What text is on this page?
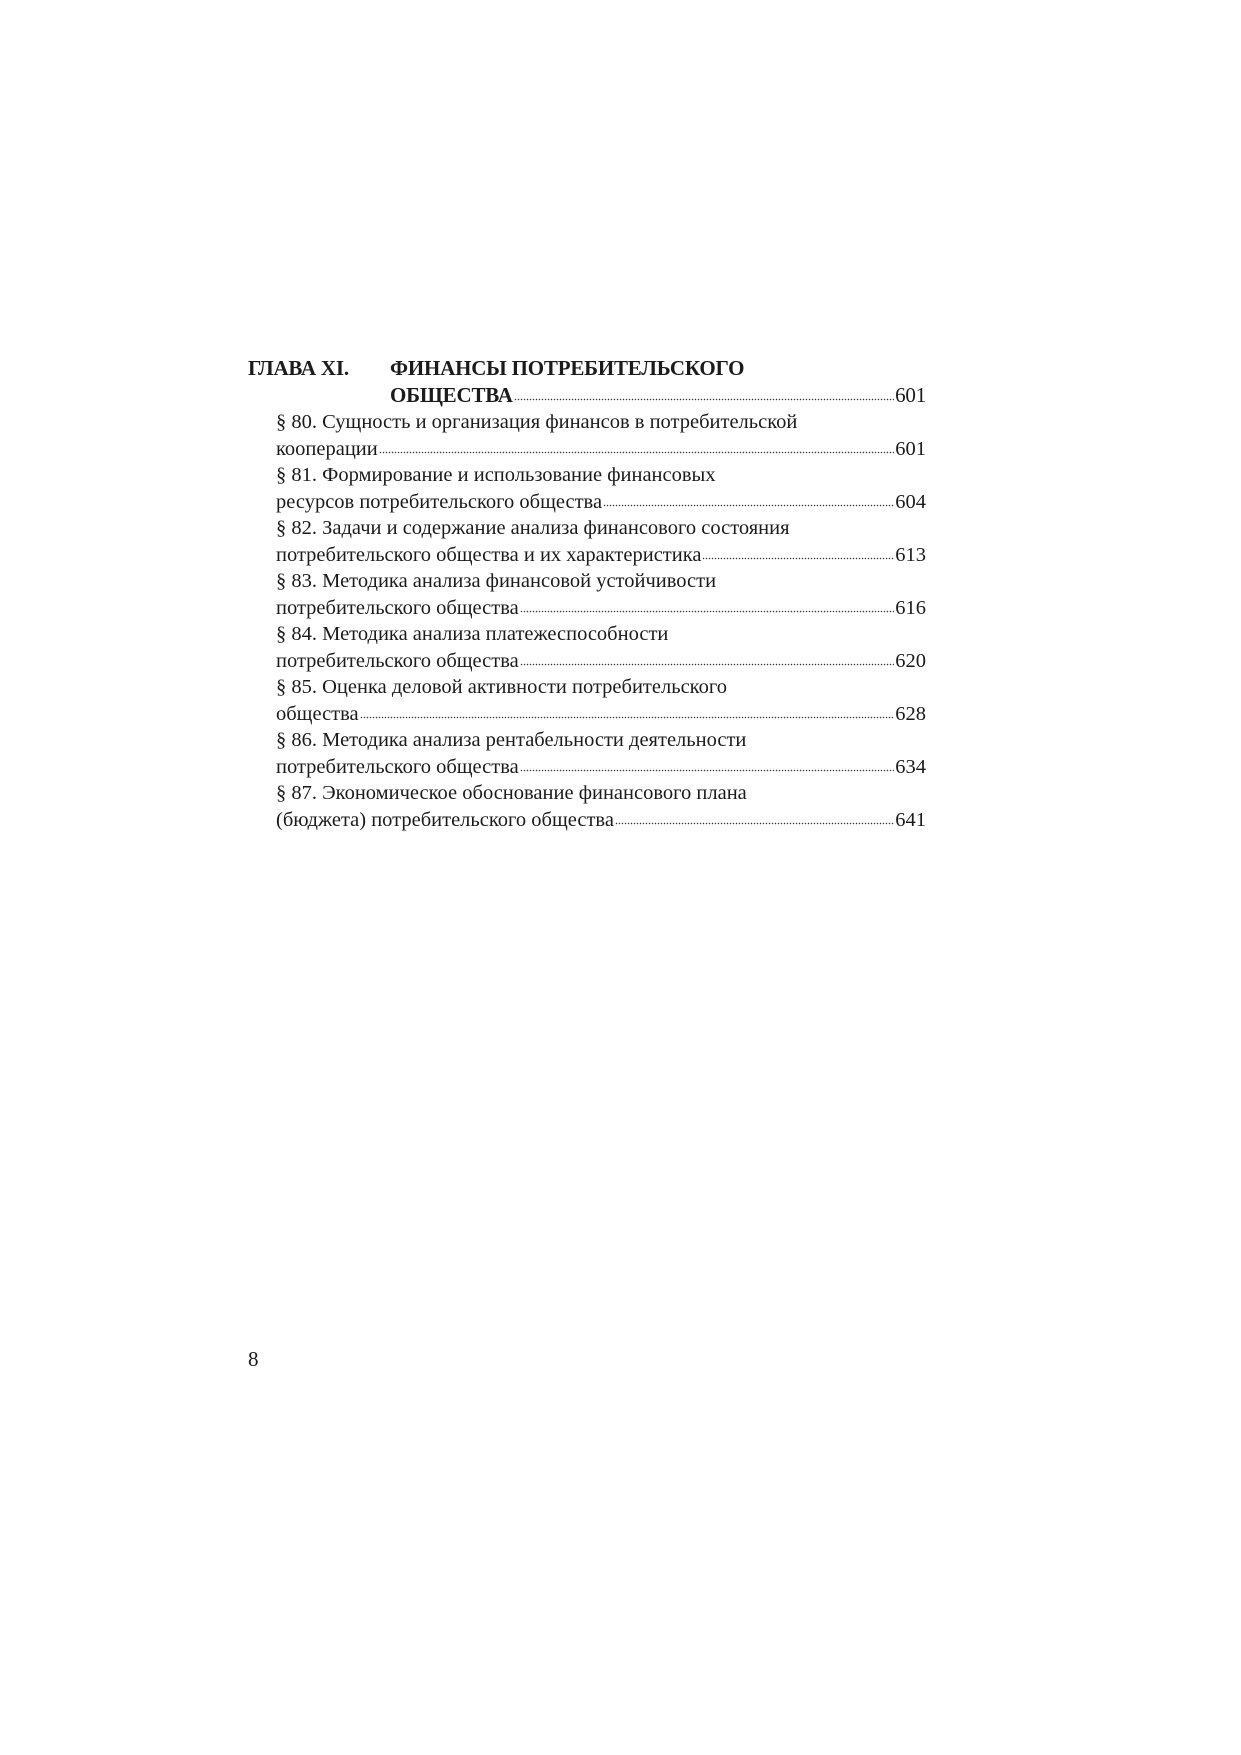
ГЛАВА XI.	ФИНАНСЫ ПОТРЕБИТЕЛЬСКОГО
ОБЩЕСТВА	601
§ 80. Сущность и организация финансов в потребительской
кооперации	601
§ 81. Формирование и использование финансовых
ресурсов потребительского общества	604
§ 82. Задачи и содержание анализа финансового состояния
потребительского общества и их характеристика	613
§ 83. Методика анализа финансовой устойчивости
потребительского общества	616
§ 84. Методика анализа платежеспособности
потребительского общества	620
§ 85. Оценка деловой активности потребительского
общества	628
§ 86. Методика анализа рентабельности деятельности
потребительского общества	634
§ 87. Экономическое обоснование финансового плана
(бюджета) потребительского общества	641
8
